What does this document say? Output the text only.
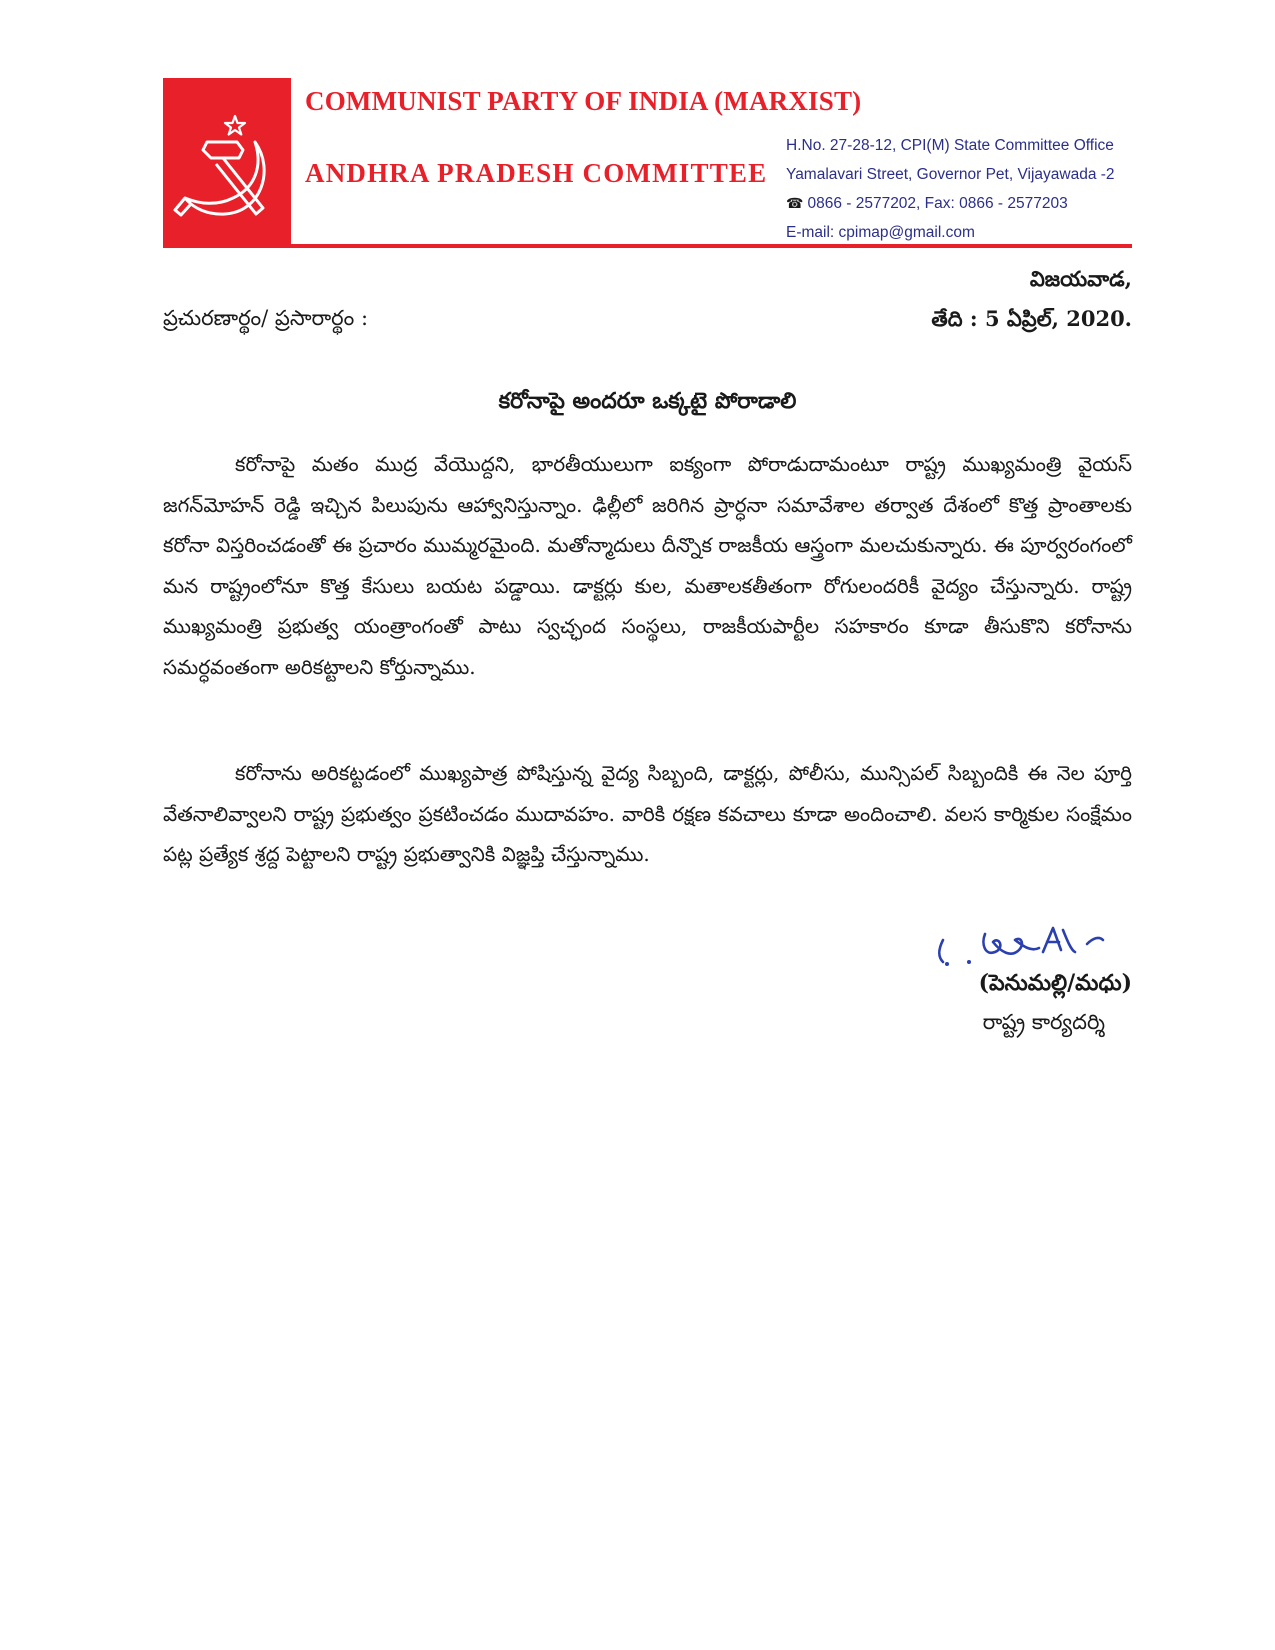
COMMUNIST PARTY OF INDIA (MARXIST)
ANDHRA PRADESH COMMITTEE
H.No. 27-28-12, CPI(M) State Committee Office
Yamalavari Street, Governor Pet, Vijayawada -2
☎ 0866 - 2577202, Fax: 0866 - 2577203
E-mail: cpimap@gmail.com
విజయవాడ,
ప్రచురణార్థం/ ప్రసారార్థం :	తేది : 5 ఏప్రిల్, 2020.
కరోనాపై అందరూ ఒక్కటై పోరాడాలి

కరోనాపై మతం ముద్ర వేయొద్దని, భారతీయులుగా ఐక్యంగా పోరాడుదామంటూ రాష్ట్ర ముఖ్యమంత్రి వైయస్ జగన్‌మోహన్ రెడ్డి ఇచ్చిన పిలుపును ఆహ్వానిస్తున్నాం. ఢిల్లీలో జరిగిన ప్రార్ధనా సమావేశాల తర్వాత దేశంలో కొత్త ప్రాంతాలకు కరోనా విస్తరించడంతో ఈ ప్రచారం ముమ్మరమైంది. మతోన్మాదులు దీన్నొక రాజకీయ ఆస్త్రంగా మలచుకున్నారు. ఈ పూర్వరంగంలో మన రాష్ట్రంలోనూ కొత్త కేసులు బయట పడ్డాయి. డాక్టర్లు కుల, మతాలకతీతంగా రోగులందరికీ వైద్యం చేస్తున్నారు. రాష్ట్ర ముఖ్యమంత్రి ప్రభుత్వ యంత్రాంగంతో పాటు స్వచ్ఛంద సంస్థలు, రాజకీయపార్టీల సహకారం కూడా తీసుకొని కరోనాను సమర్ధవంతంగా అరికట్టాలని కోర్తున్నాము.

కరోనాను అరికట్టడంలో ముఖ్యపాత్ర పోషిస్తున్న వైద్య సిబ్బంది, డాక్టర్లు, పోలీసు, మున్సిపల్ సిబ్బందికి ఈ నెల పూర్తి వేతనాలివ్వాలని రాష్ట్ర ప్రభుత్వం ప్రకటించడం ముదావహం. వారికి రక్షణ కవచాలు కూడా అందించాలి. వలస కార్మికుల సంక్షేమం పట్ల ప్రత్యేక శ్రద్ద పెట్టాలని రాష్ట్ర ప్రభుత్వానికి విజ్ఞప్తి చేస్తున్నాము.

(పెనుమల్లి/మధు)
రాష్ట్ర కార్యదర్శి
